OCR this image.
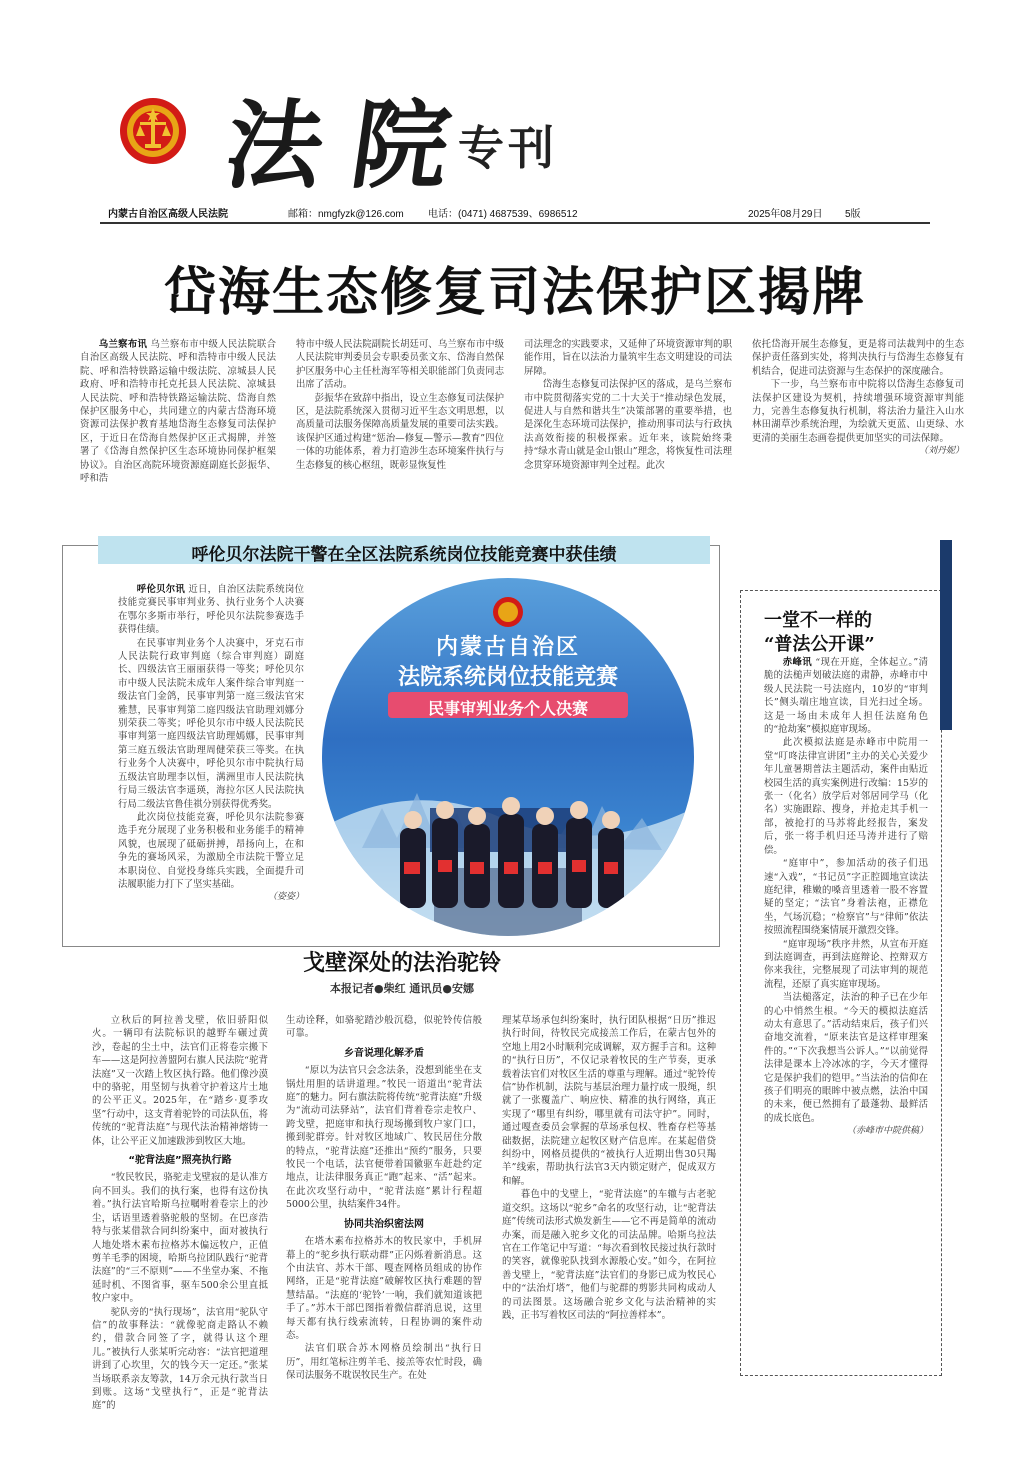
法院
专刊
内蒙古自治区高级人民法院	邮箱：nmgfyzk@126.com 电话：(0471) 4687539、6986512	2025年08月29日 5版
岱海生态修复司法保护区揭牌

乌兰察布讯 乌兰察布市中级人民法院联合自治区高级人民法院、呼和浩特市中级人民法院、呼和浩特铁路运输中级法院、凉城县人民政府、呼和浩特市托克托县人民法院、凉城县人民法院、呼和浩特铁路运输法院、岱海自然保护区服务中心，共同建立的内蒙古岱海环境资源司法保护教育基地岱海生态修复司法保护区，于近日在岱海自然保护区正式揭牌，并签署了《岱海自然保护区生态环境协同保护框架协议》。自治区高院环境资源庭副庭长彭振华、呼和浩

特市中级人民法院副院长胡廷可、乌兰察布市中级人民法院审判委员会专职委员张文东、岱海自然保护区服务中心主任杜海军等相关职能部门负责同志出席了活动。

彭振华在致辞中指出，设立生态修复司法保护区，是法院系统深入贯彻习近平生态文明思想，以高质量司法服务保障高质量发展的重要司法实践。该保护区通过构建“惩治—修复—警示—教育”四位一体的功能体系，着力打造涉生态环境案件执行与生态修复的核心枢纽，既彰显恢复性

司法理念的实践要求，又延伸了环境资源审判的职能作用，旨在以法治力量筑牢生态文明建设的司法屏障。

岱海生态修复司法保护区的落成，是乌兰察布市中院贯彻落实党的二十大关于“推动绿色发展，促进人与自然和谐共生”决策部署的重要举措，也是深化生态环境司法保护，推动刑事司法与行政执法高效衔接的积极探索。近年来，该院始终秉持“绿水青山就是金山银山”理念，将恢复性司法理念贯穿环境资源审判全过程。此次

依托岱海开展生态修复，更是将司法裁判中的生态保护责任落到实处，将判决执行与岱海生态修复有机结合，促进司法资源与生态保护的深度融合。

下一步，乌兰察布市中院将以岱海生态修复司法保护区建设为契机，持续增强环境资源审判能力，完善生态修复执行机制，将法治力量注入山水林田湖草沙系统治理，为绘就天更蓝、山更绿、水更清的美丽生态画卷提供更加坚实的司法保障。

（刘丹妮）
呼伦贝尔法院干警在全区法院系统岗位技能竞赛中获佳绩

呼伦贝尔讯 近日，自治区法院系统岗位技能竞赛民事审判业务、执行业务个人决赛在鄂尔多斯市举行，呼伦贝尔法院参赛选手获得佳绩。

在民事审判业务个人决赛中，牙克石市人民法院行政审判庭（综合审判庭）副庭长、四级法官王丽丽获得一等奖；呼伦贝尔市中级人民法院未成年人案件综合审判庭一级法官门金鸽，民事审判第一庭三级法官宋雅慧，民事审判第二庭四级法官助理刘娜分别荣获二等奖；呼伦贝尔市中级人民法院民事审判第一庭四级法官助理嫣娜，民事审判第三庭五级法官助理周健荣获三等奖。在执行业务个人决赛中，呼伦贝尔市中院执行局五级法官助理李以恒，满洲里市人民法院执行局三级法官李遥瑛，海拉尔区人民法院执行局二级法官鲁佳祺分别获得优秀奖。

此次岗位技能竞赛，呼伦贝尔法院参赛选手充分展现了业务积极和业务能手的精神风貌，也展现了砥砺拼搏，昂扬向上，在和争先的赛场风采，为激励全市法院干警立足本职岗位、自觉投身练兵实践，全面提升司法履职能力打下了坚实基础。

（姿姿）
内蒙古自治区
法院系统岗位技能竞赛
民事审判业务个人决赛
一堂不一样的
“普法公开课”

赤峰讯 “现在开庭，全体起立。”清脆的法槌声划破法庭的肃静，赤峰市中级人民法院一号法庭内，10岁的“审判长”侧头端庄地宣读，目光扫过全场。这是一场由未成年人担任法庭角色的“抢劫案”模拟庭审现场。

此次模拟法庭是赤峰市中院用一堂“叮咚法律宣讲团”主办的关心关爱少年儿童暑期普法主题活动，案件由贴近校园生活的真实案例进行改编：15岁的张一（化名）放学后对邻居同学马（化名）实施跟踪、搜身，并抢走其手机一部，被抢打的马苏将此经报告，案发后，张一将手机归还马涛并进行了赔偿。

“庭审中”，参加活动的孩子们迅速“入戏”，“书记员”字正腔圆地宣读法庭纪律，稚嫩的嗓音里透着一股不容置疑的坚定；“法官”身着法袍，正襟危坐，气场沉稳；“检察官”与“律师”依法按照流程围绕案情展开激烈交锋。

“庭审现场”秩序井然，从宣布开庭到法庭调查，再到法庭辩论、控辩双方你来我往，完整展现了司法审判的规范流程，还原了真实庭审现场。

当法槌落定，法治的种子已在少年的心中悄然生根。“今天的模拟法庭活动太有意思了。”活动结束后，孩子们兴奋地交流着，“原来法官是这样审理案件的。”“下次我想当公诉人。”“以前觉得法律是课本上冷冰冰的字，今天才懂得它是保护我们的铠甲。”当法治的信仰在孩子们明亮的眼眸中被点燃，法治中国的未来，便已然拥有了最蓬勃、最鲜活的成长底色。

（赤峰市中院供稿）
戈壁深处的法治驼铃
本报记者●柴红 通讯员●安娜

立秋后的阿拉善戈壁，依旧骄阳似火。一辆印有法院标识的越野车碾过黄沙，卷起的尘土中，法官们正将卷宗搬下车——这是阿拉善盟阿右旗人民法院“驼背法庭”又一次踏上牧区执行路。他们像沙漠中的骆驼，用坚韧与执着守护着这片土地的公平正义。2025年，在“踏乡·夏季攻坚”行动中，这支背着驼铃的司法队伍，将传统的“驼背法庭”与现代法治精神熔铸一体，让公平正义加速跋涉到牧区大地。

“驼背法庭”照亮执行路

“牧民牧民，骆驼走戈壁寂的是认准方向不回头。我们的执行案，也得有这份执着。”执行法官哈斯乌拉嘱咐着卷宗上的沙尘，话语里透着骆驼般的坚韧。在巴彦浩特与张某借款合同纠纷案中，面对被执行人地处塔木素布拉格苏木偏远牧户，正值剪羊毛季的困境，哈斯乌拉团队践行“驼背法庭”的“三不原则”——不坐堂办案、不拖延时机、不图省事，驱车500余公里直抵牧户家中。

驼队旁的“执行现场”，法官用“驼队守信”的故事释法：“就像驼商走路认不赖约，借款合同签了字，就得认这个理儿。”被执行人张某听完动容：“法官把道理讲到了心坎里，欠的钱今天一定还。”张某当场联系亲友筹款，14万余元执行款当日到账。这场“戈壁执行”，正是“驼背法庭”的

生动诠释，如骆驼踏沙般沉稳，似驼铃传信般可靠。

乡音说理化解矛盾

“原以为法官只会念法条，没想到能坐在支锅灶用胆的话讲道理。”牧民一语道出“驼背法庭”的魅力。阿右旗法院将传统“驼背法庭”升级为“流动司法驿站”，法官们背着卷宗走牧户、跨戈壁，把庭审和执行现场搬到牧户家门口，搬到驼群旁。针对牧区地域广、牧民居住分散的特点，“驼背法庭”还推出“预约”服务，只要牧民一个电话，法官便带着国徽驱车赶赴约定地点，让法律服务真正“跑”起来、“活”起来。在此次攻坚行动中，“驼背法庭”累计行程超5000公里，执结案件34件。

协同共治织密法网

在塔木素布拉格苏木的牧民家中，手机屏幕上的“驼乡执行联动群”正闪烁着新消息。这个由法官、苏木干部、嘎查网格员组成的协作网络，正是“驼背法庭”破解牧区执行难题的智慧结晶。“法庭的‘驼铃’一响，我们就知道该把手了。”苏木干部巴图指着微信群消息说，这里每天都有执行线索流转，日程协调的案件动态。

法官们联合苏木网格员绘制出“执行日历”，用红笔标注剪羊毛、接羔等农忙时段，确保司法服务不耽误牧民生产。在处

理某草场承包纠纷案时，执行团队根据“日历”推迟执行时间，待牧民完成接羔工作后，在蒙古包外的空地上用2小时顺利完成调解，双方握手言和。这种的“执行日历”，不仅记录着牧民的生产节奏，更承载着法官们对牧区生活的尊重与理解。通过“驼铃传信”协作机制，法院与基层治理力量拧成一股绳，织就了一张覆盖广、响应快、精准的执行网络，真正实现了“哪里有纠纷，哪里就有司法守护”。同时，通过嘎查委员会掌握的草场承包权、牲畜存栏等基础数据，法院建立起牧区财产信息库。在某起借贷纠纷中，网格员提供的“被执行人近期出售30只羯羊”线索，帮助执行法官3天内锁定财产，促成双方和解。

暮色中的戈壁上，“驼背法庭”的车辙与古老驼道交织。这场以“驼乡”命名的攻坚行动，让“驼背法庭”传统司法形式焕发新生——它不再是简单的流动办案，而是融入驼乡文化的司法品牌。哈斯乌拉法官在工作笔记中写道：“每次看到牧民接过执行款时的笑容，就像驼队找到水源般心安。”如今，在阿拉善戈壁上，“驼背法庭”法官们的身影已成为牧民心中的“法治灯塔”，他们与驼群的剪影共同构成动人的司法图景。这场融合驼乡文化与法治精神的实践，正书写着牧区司法的“阿拉善样本”。
